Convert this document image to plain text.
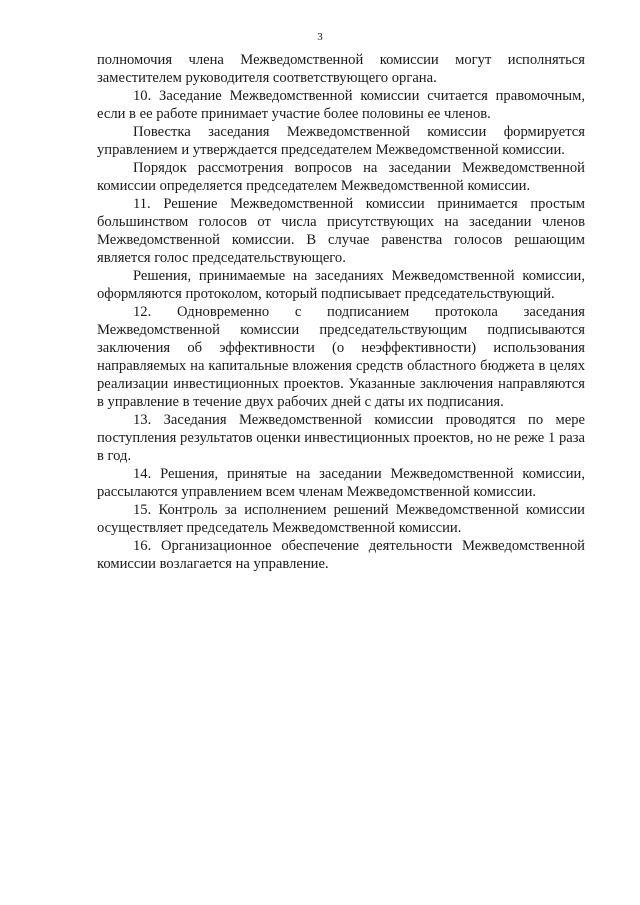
3

полномочия члена Межведомственной комиссии могут исполняться заместителем руководителя соответствующего органа.

10. Заседание Межведомственной комиссии считается правомочным, если в ее работе принимает участие более половины ее членов.

Повестка заседания Межведомственной комиссии формируется управлением и утверждается председателем Межведомственной комиссии.

Порядок рассмотрения вопросов на заседании Межведомственной комиссии определяется председателем Межведомственной комиссии.

11. Решение Межведомственной комиссии принимается простым большинством голосов от числа присутствующих на заседании членов Межведомственной комиссии. В случае равенства голосов решающим является голос председательствующего.

Решения, принимаемые на заседаниях Межведомственной комиссии, оформляются протоколом, который подписывает председательствующий.

12. Одновременно с подписанием протокола заседания Межведомственной комиссии председательствующим подписываются заключения об эффективности (о неэффективности) использования направляемых на капитальные вложения средств областного бюджета в целях реализации инвестиционных проектов. Указанные заключения направляются в управление в течение двух рабочих дней с даты их подписания.

13. Заседания Межведомственной комиссии проводятся по мере поступления результатов оценки инвестиционных проектов, но не реже 1 раза в год.

14. Решения, принятые на заседании Межведомственной комиссии, рассылаются управлением всем членам Межведомственной комиссии.

15. Контроль за исполнением решений Межведомственной комиссии осуществляет председатель Межведомственной комиссии.

16. Организационное обеспечение деятельности Межведомственной комиссии возлагается на управление.
